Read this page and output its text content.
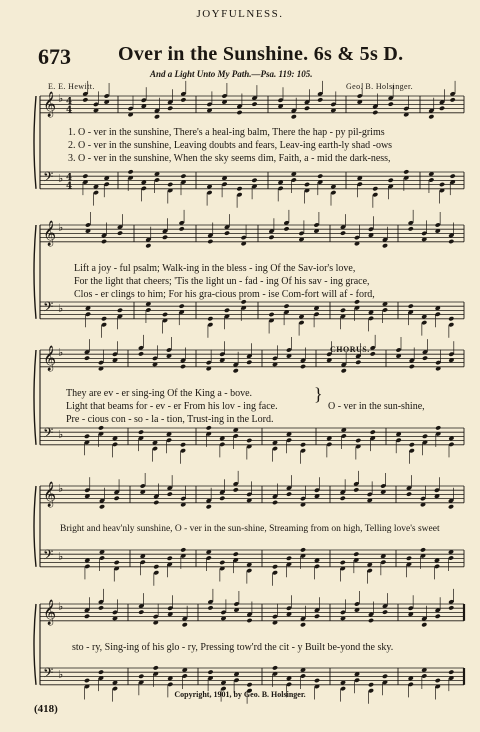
JOYFULNESS.
673 Over in the Sunshine. 6s & 5s D.
And a Light Unto My Path.—Psa. 119: 105.
E. E. Hewitt.	Geo. B. Holsinger.
𝄞 ♭ 4
4
𝄢 ♭ 4
4
𝄞 ♭
𝄢 ♭
𝄞 ♭
𝄢 ♭
𝄞 ♭
𝄢 ♭
𝄞 ♭
𝄢 ♭
1. O - ver in the sunshine, There's a heal-ing balm, There the hap - py pil-grims
2. O - ver in the sunshine, Leaving doubts and fears, Leav-ing earth-ly shad -ows
3. O - ver in the sunshine, When the sky seems dim, Faith, a - mid the dark-ness,
Lift a joy - ful psalm; Walk-ing in the bless - ing Of the Sav-ior's love,
For the light that cheers; 'Tis the light un - fad - ing Of his sav - ing grace,
Clos - er clings to him; For his gra-cious prom - ise Com-fort will af - ford,
CHORUS.
They are ev - er sing-ing Of the King a - bove.
Light that beams for - ev - er From his lov - ing face.
Pre - cious con - so - la - tion, Trust-ing in the Lord.
}
O - ver in the sun-shine,
Bright and heav'nly sunshine, O - ver in the sun-shine, Streaming from on high, Telling love's sweet
sto - ry, Sing-ing of his glo - ry, Pressing tow'rd the cit - y Built be-yond the sky.
Copyright, 1901, by Geo. B. Holsinger.
(418)
